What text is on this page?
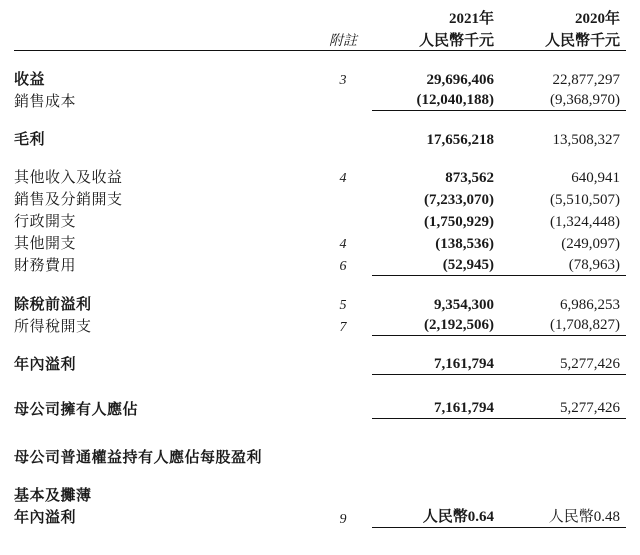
		2021年	2020年
	附註	人民幣千元	人民幣千元

收益	3	29,696,406	22,877,297
銷售成本		(12,040,188)	(9,368,970)

毛利		17,656,218	13,508,327

其他收入及收益	4	873,562	640,941
銷售及分銷開支		(7,233,070)	(5,510,507)
行政開支		(1,750,929)	(1,324,448)
其他開支	4	(138,536)	(249,097)
財務費用	6	(52,945)	(78,963)

除稅前溢利	5	9,354,300	6,986,253
所得稅開支	7	(2,192,506)	(1,708,827)

年內溢利		7,161,794	5,277,426

母公司擁有人應佔		7,161,794	5,277,426

母公司普通權益持有人應佔每股盈利			

基本及攤薄			
年內溢利	9	人民幣0.64	人民幣0.48
